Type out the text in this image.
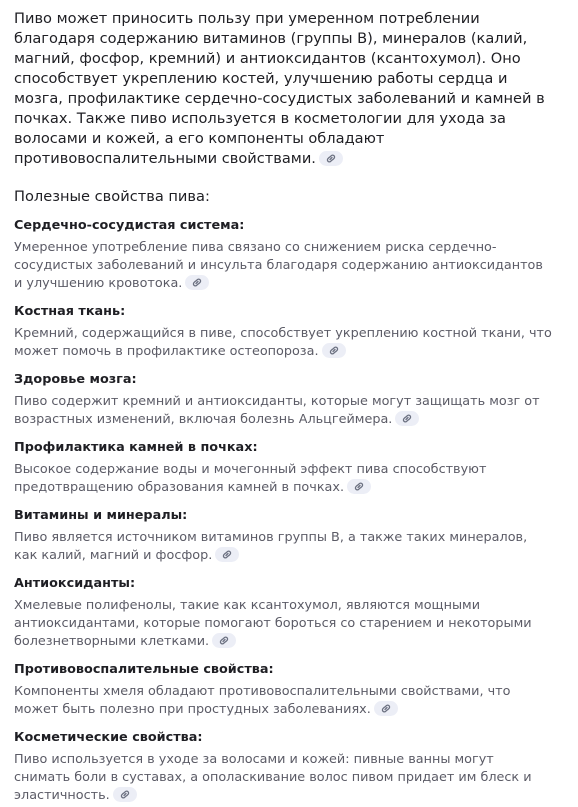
Пиво может приносить пользу при умеренном потреблении благодаря содержанию витаминов (группы B), минералов (калий, магний, фосфор, кремний) и антиоксидантов (ксантохумол). Оно способствует укреплению костей, улучшению работы сердца и мозга, профилактике сердечно-сосудистых заболеваний и камней в почках. Также пиво используется в косметологии для ухода за волосами и кожей, а его компоненты обладают противовоспалительными свойствами.

Полезные свойства пива:

Сердечно-сосудистая система:

Умеренное употребление пива связано со снижением риска сердечно-сосудистых заболеваний и инсульта благодаря содержанию антиоксидантов и улучшению кровотока.

Костная ткань:

Кремний, содержащийся в пиве, способствует укреплению костной ткани, что может помочь в профилактике остеопороза.

Здоровье мозга:

Пиво содержит кремний и антиоксиданты, которые могут защищать мозг от возрастных изменений, включая болезнь Альцгеймера.

Профилактика камней в почках:

Высокое содержание воды и мочегонный эффект пива способствуют предотвращению образования камней в почках.

Витамины и минералы:

Пиво является источником витаминов группы B, а также таких минералов, как калий, магний и фосфор.

Антиоксиданты:

Хмелевые полифенолы, такие как ксантохумол, являются мощными антиоксидантами, которые помогают бороться со старением и некоторыми болезнетворными клетками.

Противовоспалительные свойства:

Компоненты хмеля обладают противовоспалительными свойствами, что может быть полезно при простудных заболеваниях.

Косметические свойства:

Пиво используется в уходе за волосами и кожей: пивные ванны могут снимать боли в суставах, а ополаскивание волос пивом придает им блеск и эластичность.
